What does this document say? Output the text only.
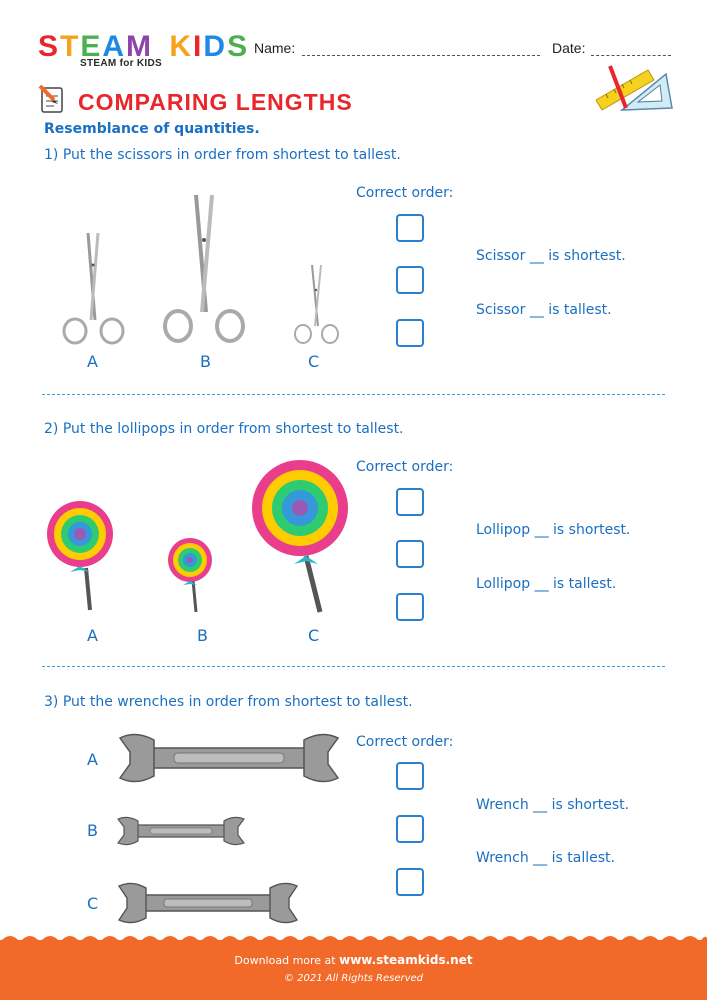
STEAM KIDS
STEAM for KIDS
Name:	Date:
COMPARING LENGTHS
Resemblance of quantities.
1) Put the scissors in order from shortest to tallest.
A	B	C
Correct order:
Scissor __ is shortest.
Scissor __ is tallest.
2) Put the lollipops in order from shortest to tallest.
A	B	C
Correct order:
Lollipop __ is shortest.
Lollipop __ is tallest.
3) Put the wrenches in order from shortest to tallest.
A
B
C
Correct order:
Wrench __ is shortest.
Wrench __ is tallest.
Download more at www.steamkids.net
© 2021 All Rights Reserved
